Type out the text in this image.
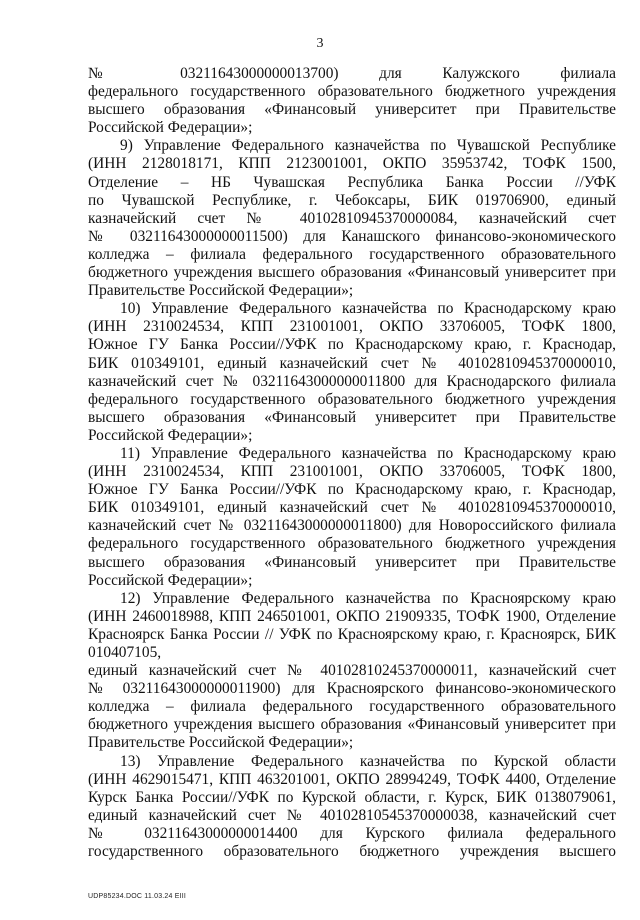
3
№ 03211643000000013700) для Калужского филиала
федерального государственного образовательного бюджетного учреждения
высшего образования «Финансовый университет при Правительстве
Российской Федерации»;
9) Управление Федерального казначейства по Чувашской Республике
(ИНН 2128018171, КПП 2123001001, ОКПО 35953742, ТОФК 1500,
Отделение – НБ Чувашская Республика Банка России //УФК
по Чувашской Республике, г. Чебоксары, БИК 019706900, единый
казначейский счет № 40102810945370000084, казначейский счет
№ 03211643000000011500) для Канашского финансово-экономического
колледжа – филиала федерального государственного образовательного
бюджетного учреждения высшего образования «Финансовый университет при
Правительстве Российской Федерации»;
10) Управление Федерального казначейства по Краснодарскому краю
(ИНН 2310024534, КПП 231001001, ОКПО 33706005, ТОФК 1800,
Южное ГУ Банка России//УФК по Краснодарскому краю, г. Краснодар,
БИК 010349101, единый казначейский счет № 40102810945370000010,
казначейский счет № 03211643000000011800 для Краснодарского филиала
федерального государственного образовательного бюджетного учреждения
высшего образования «Финансовый университет при Правительстве
Российской Федерации»;
11) Управление Федерального казначейства по Краснодарскому краю
(ИНН 2310024534, КПП 231001001, ОКПО 33706005, ТОФК 1800,
Южное ГУ Банка России//УФК по Краснодарскому краю, г. Краснодар,
БИК 010349101, единый казначейский счет № 40102810945370000010,
казначейский счет № 03211643000000011800) для Новороссийского филиала
федерального государственного образовательного бюджетного учреждения
высшего образования «Финансовый университет при Правительстве
Российской Федерации»;
12) Управление Федерального казначейства по Красноярскому краю
(ИНН 2460018988, КПП 246501001, ОКПО 21909335, ТОФК 1900, Отделение
Красноярск Банка России // УФК по Красноярскому краю, г. Красноярск, БИК
010407105,
единый казначейский счет № 40102810245370000011, казначейский счет
№ 03211643000000011900) для Красноярского финансово-экономического
колледжа – филиала федерального государственного образовательного
бюджетного учреждения высшего образования «Финансовый университет при
Правительстве Российской Федерации»;
13) Управление Федерального казначейства по Курской области
(ИНН 4629015471, КПП 463201001, ОКПО 28994249, ТОФК 4400, Отделение
Курск Банка России//УФК по Курской области, г. Курск, БИК 0138079061,
единый казначейский счет № 40102810545370000038, казначейский счет
№ 03211643000000014400 для Курского филиала федерального
государственного образовательного бюджетного учреждения высшего
UDP85234.DOC 11.03.24 EIII
